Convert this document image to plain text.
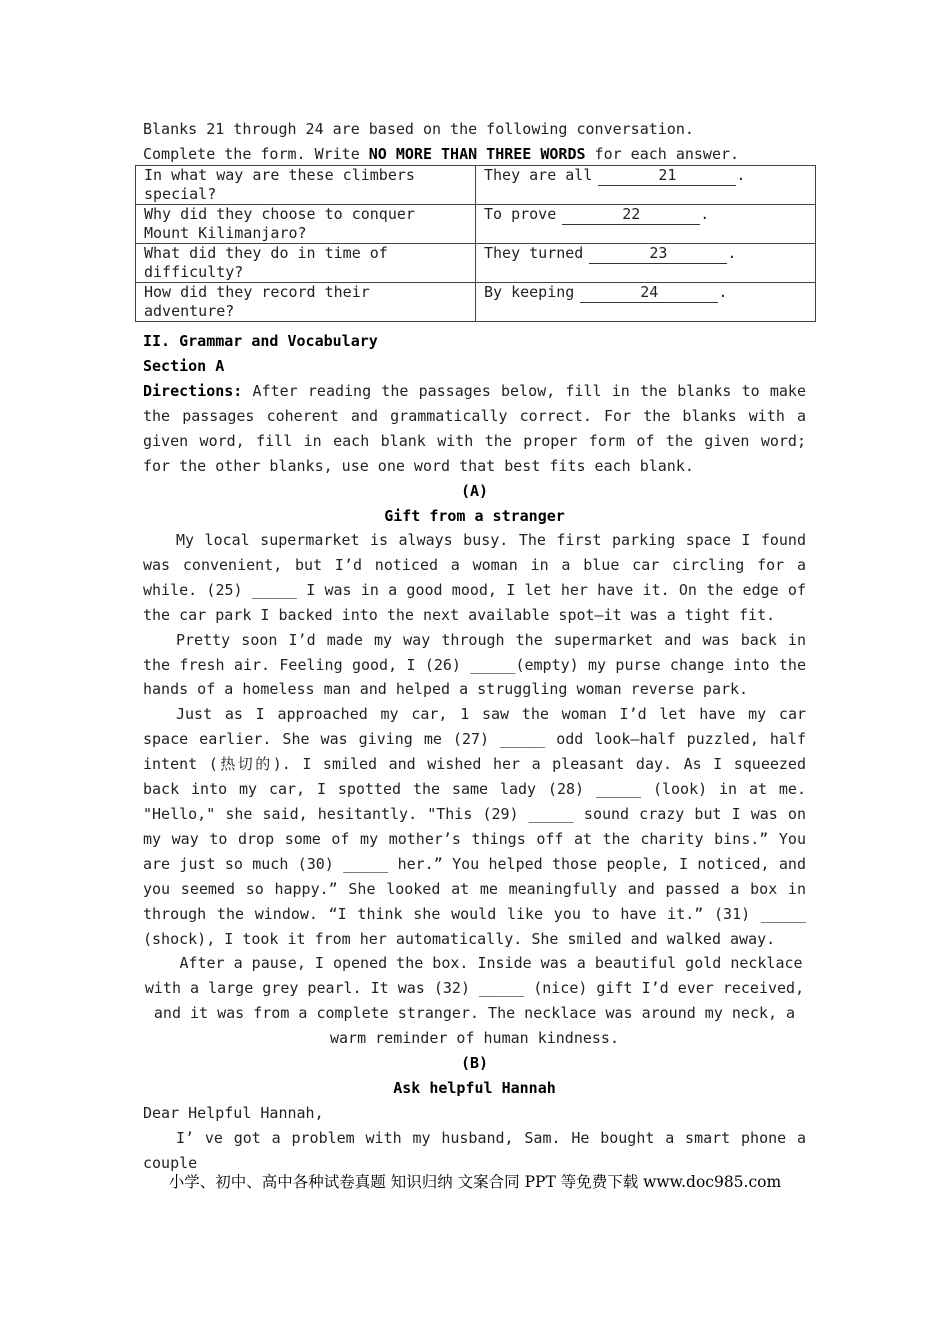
Blanks 21 through 24 are based on the following conversation.
Complete the form. Write NO MORE THAN THREE WORDS for each answer.
In what way are these climbers special?	They are all 21 .
Why did they choose to conquer Mount Kilimanjaro?	To prove 22 .
What did they do in time of difficulty?	They turned 23 .
How did they record their adventure?	By keeping 24 .
II. Grammar and Vocabulary
Section A

Directions: After reading the passages below, fill in the blanks to make the passages coherent and grammatically correct. For the blanks with a given word, fill in each blank with the proper form of the given word; for the other blanks, use one word that best fits each blank.

(A)
Gift from a stranger

My local supermarket is always busy. The first parking space I found was convenient, but I’d noticed a woman in a blue car circling for a while. (25) _____ I was in a good mood, I let her have it. On the edge of the car park I backed into the next available spot—it was a tight fit.

Pretty soon I’d made my way through the supermarket and was back in the fresh air. Feeling good, I (26) _____(empty) my purse change into the hands of a homeless man and helped a struggling woman reverse park.

Just as I approached my car, 1 saw the woman I’d let have my car space earlier. She was giving me (27) _____ odd look—half puzzled, half intent (热切的). I smiled and wished her a pleasant day. As I squeezed back into my car, I spotted the same lady (28) _____ (look) in at me. "Hello," she said, hesitantly. "This (29) _____ sound crazy but I was on my way to drop some of my mother’s things off at the charity bins.” You are just so much (30) _____ her.” You helped those people, I noticed, and you seemed so happy.” She looked at me meaningfully and passed a box in through the window. “I think she would like you to have it.” (31) _____ (shock), I took it from her automatically. She smiled and walked away.

After a pause, I opened the box. Inside was a beautiful gold necklace with a large grey pearl. It was (32) _____ (nice) gift I’d ever received, and it was from a complete stranger. The necklace was around my neck, a warm reminder of human kindness.

(B)
Ask helpful Hannah
Dear Helpful Hannah,

I’ ve got a problem with my husband, Sam. He bought a smart phone a couple

小学、初中、高中各种试卷真题 知识归纳 文案合同 PPT 等免费下载 www.doc985.com
